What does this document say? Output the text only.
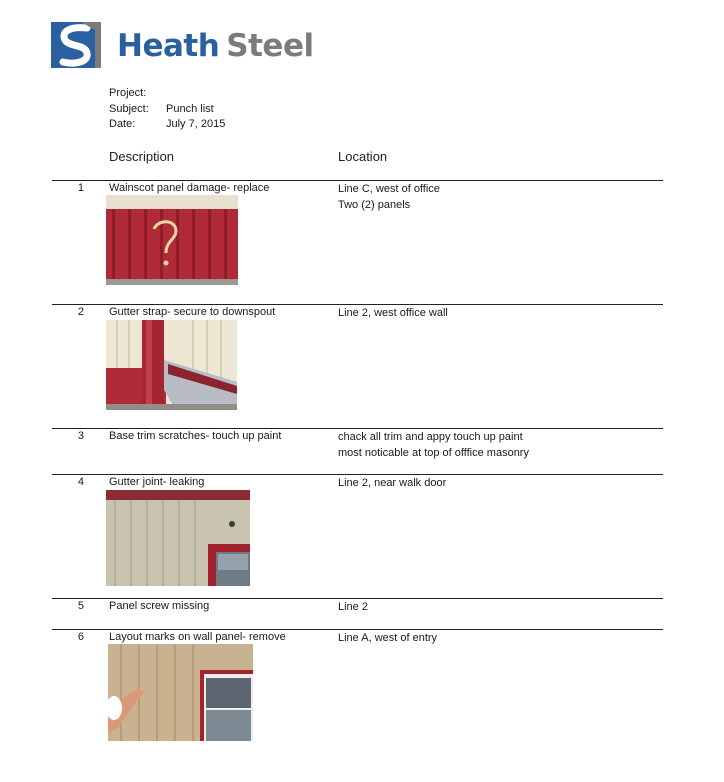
Heath Steel
Project:
Subject:	Punch list
Date:	July 7, 2015
Description	Location
1 Wainscot panel damage- replace	Line C, west of office
Two (2) panels
2 Gutter strap- secure to downspout	Line 2, west office wall
3 Base trim scratches- touch up paint	chack all trim and appy touch up paint
most noticable at top of offfice masonry
4 Gutter joint- leaking	Line 2, near walk door
5 Panel screw missing	Line 2
6 Layout marks on wall panel- remove	Line A, west of entry
